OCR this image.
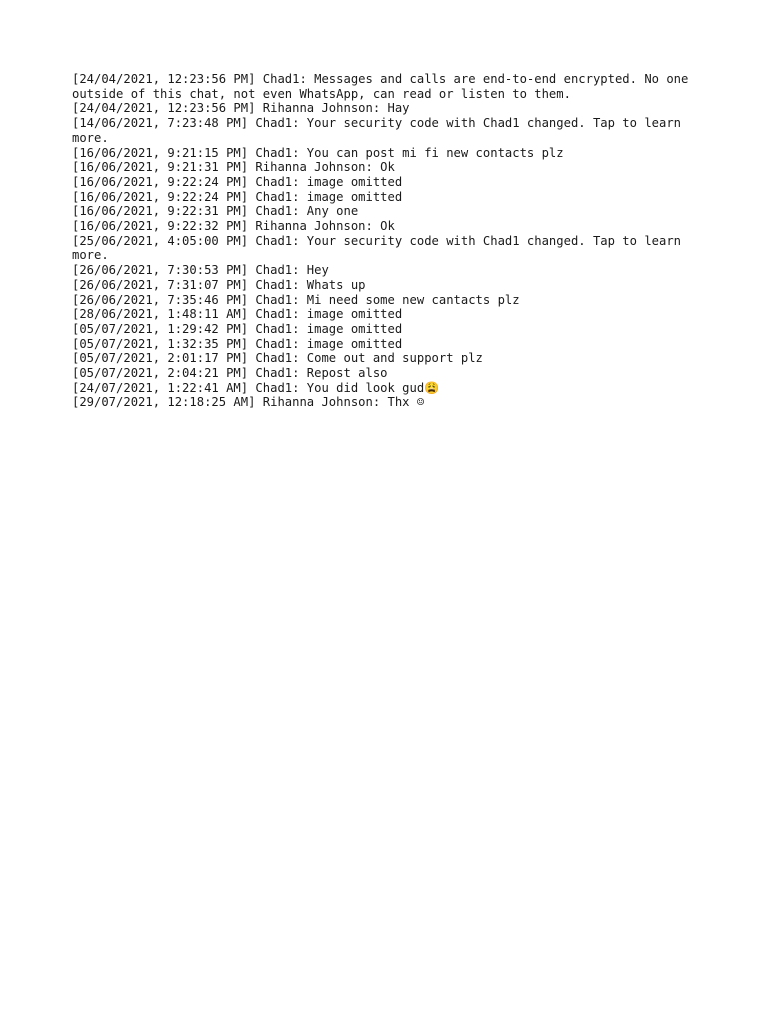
[24/04/2021, 12:23:56 PM] Chad1: Messages and calls are end-to-end encrypted. No one outside of this chat, not even WhatsApp, can read or listen to them.
[24/04/2021, 12:23:56 PM] Rihanna Johnson: Hay
[14/06/2021, 7:23:48 PM] Chad1: Your security code with Chad1 changed. Tap to learn more.
[16/06/2021, 9:21:15 PM] Chad1: You can post mi fi new contacts plz
[16/06/2021, 9:21:31 PM] Rihanna Johnson: Ok
[16/06/2021, 9:22:24 PM] Chad1: image omitted
[16/06/2021, 9:22:24 PM] Chad1: image omitted
[16/06/2021, 9:22:31 PM] Chad1: Any one
[16/06/2021, 9:22:32 PM] Rihanna Johnson: Ok
[25/06/2021, 4:05:00 PM] Chad1: Your security code with Chad1 changed. Tap to learn more.
[26/06/2021, 7:30:53 PM] Chad1: Hey
[26/06/2021, 7:31:07 PM] Chad1: Whats up
[26/06/2021, 7:35:46 PM] Chad1: Mi need some new cantacts plz
[28/06/2021, 1:48:11 AM] Chad1: image omitted
[05/07/2021, 1:29:42 PM] Chad1: image omitted
[05/07/2021, 1:32:35 PM] Chad1: image omitted
[05/07/2021, 2:01:17 PM] Chad1: Come out and support plz
[05/07/2021, 2:04:21 PM] Chad1: Repost also
[24/07/2021, 1:22:41 AM] Chad1: You did look gud😩
[29/07/2021, 12:18:25 AM] Rihanna Johnson: Thx ☺
